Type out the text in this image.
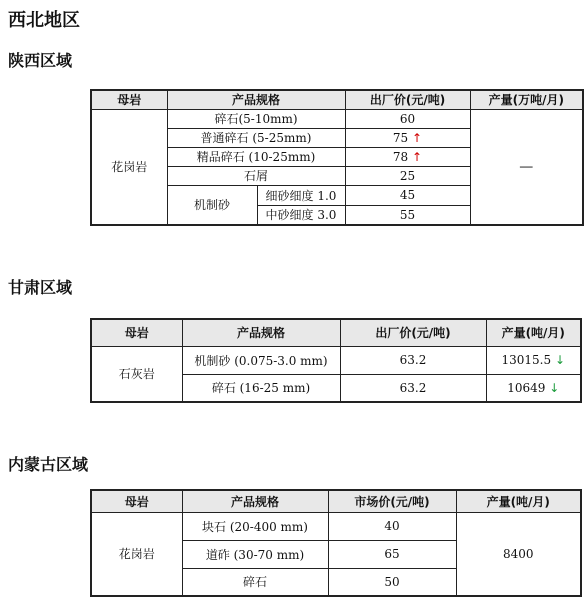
西北地区
陕西区域
母岩	产品规格		出厂价(元/吨)	产量(万吨/月)
花岗岩	碎石(5-10mm)		60	—
	普通碎石 (5-25mm)		75 ↑	
	精品碎石 (10-25mm)		78 ↑	
	石屑		25	
	机制砂	细砂细度 1.0	45	
		中砂细度 3.0	55	
甘肃区域
母岩	产品规格	出厂价(元/吨)	产量(吨/月)
石灰岩	机制砂 (0.075-3.0 mm)	63.2	13015.5 ↓
	碎石 (16-25 mm)	63.2	10649 ↓
内蒙古区域
母岩	产品规格	市场价(元/吨)	产量(吨/月)
花岗岩	块石 (20-400 mm)	40	8400
	道砟 (30-70 mm)	65	
	碎石	50	
